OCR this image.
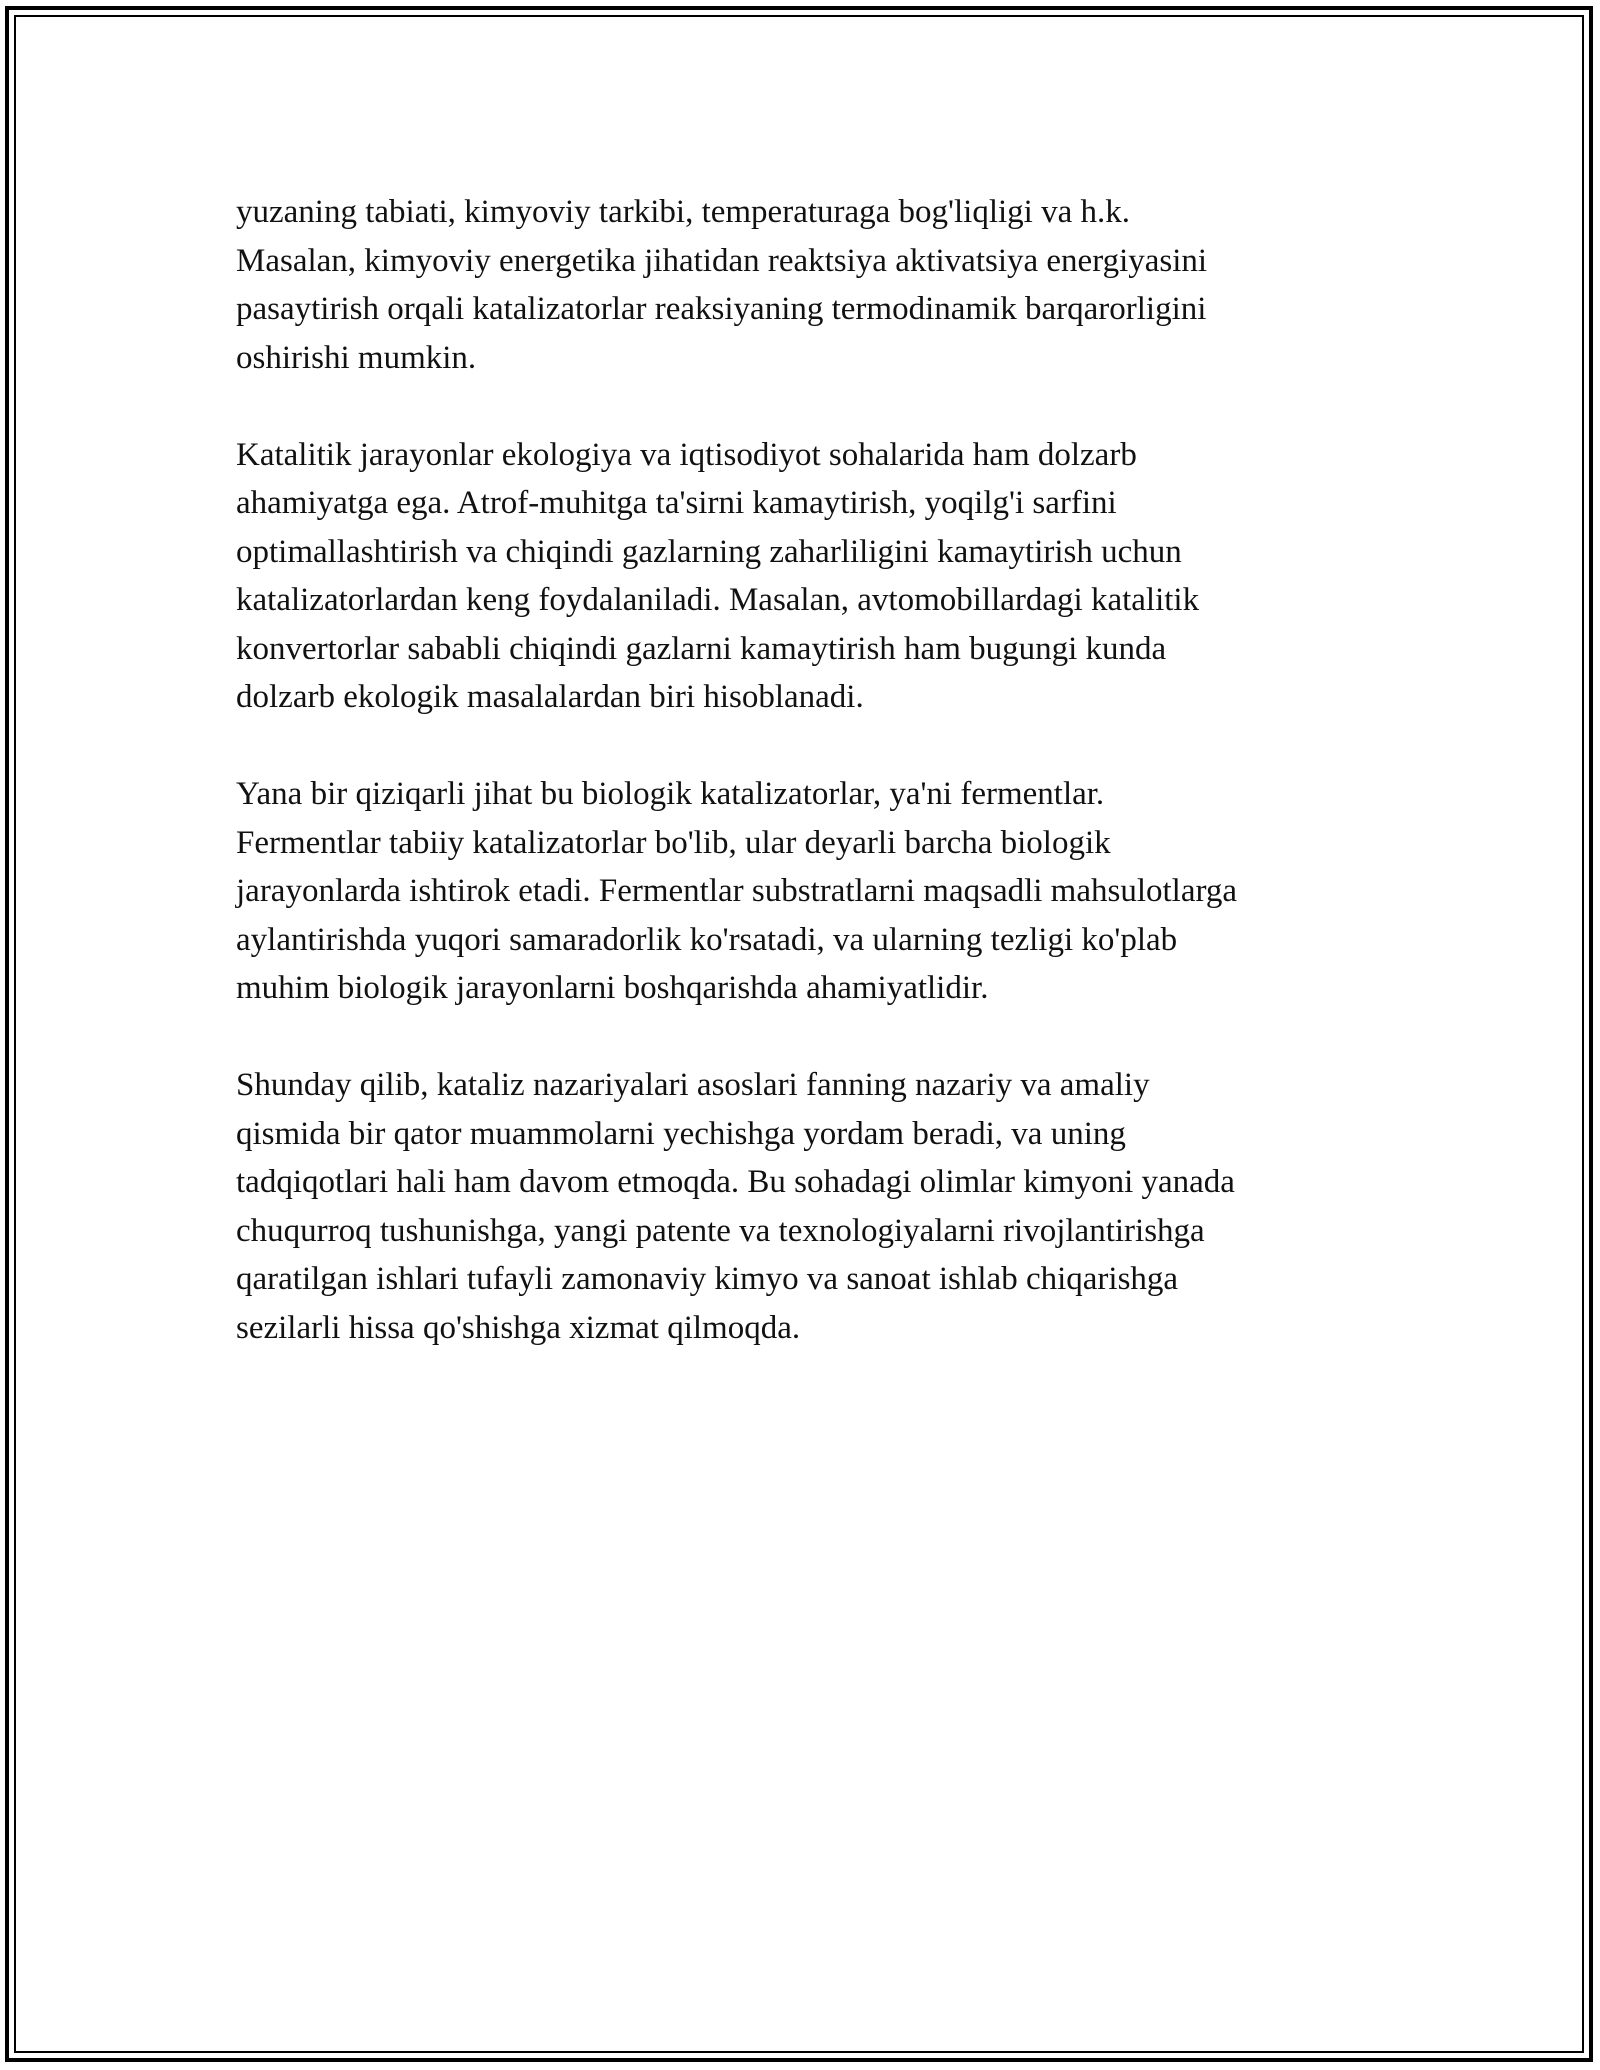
yuzaning tabiati, kimyoviy tarkibi, temperaturaga bog'liqligi va h.k.
Masalan, kimyoviy energetika jihatidan reaktsiya aktivatsiya energiyasini
pasaytirish orqali katalizatorlar reaksiyaning termodinamik barqarorligini
oshirishi mumkin.

Katalitik jarayonlar ekologiya va iqtisodiyot sohalarida ham dolzarb
ahamiyatga ega. Atrof-muhitga ta'sirni kamaytirish, yoqilg'i sarfini
optimallashtirish va chiqindi gazlarning zaharliligini kamaytirish uchun
katalizatorlardan keng foydalaniladi. Masalan, avtomobillardagi katalitik
konvertorlar sababli chiqindi gazlarni kamaytirish ham bugungi kunda
dolzarb ekologik masalalardan biri hisoblanadi.

Yana bir qiziqarli jihat bu biologik katalizatorlar, ya'ni fermentlar.
Fermentlar tabiiy katalizatorlar bo'lib, ular deyarli barcha biologik
jarayonlarda ishtirok etadi. Fermentlar substratlarni maqsadli mahsulotlarga
aylantirishda yuqori samaradorlik ko'rsatadi, va ularning tezligi ko'plab
muhim biologik jarayonlarni boshqarishda ahamiyatlidir.

Shunday qilib, kataliz nazariyalari asoslari fanning nazariy va amaliy
qismida bir qator muammolarni yechishga yordam beradi, va uning
tadqiqotlari hali ham davom etmoqda. Bu sohadagi olimlar kimyoni yanada
chuqurroq tushunishga, yangi patente va texnologiyalarni rivojlantirishga
qaratilgan ishlari tufayli zamonaviy kimyo va sanoat ishlab chiqarishga
sezilarli hissa qo'shishga xizmat qilmoqda.
